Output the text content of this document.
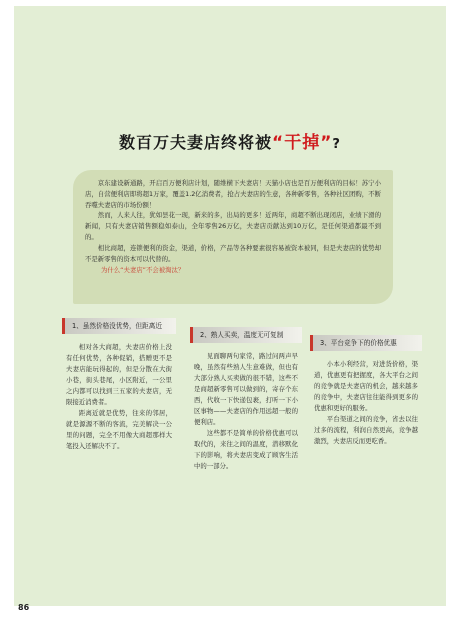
数百万夫妻店终将被“干掉”?

京东建设新通路，开启百万便利店计划，随维横下夫妻店！天猫小店也是百万便利店的目标！苏宁小店，自营便利店即将超1万家，覆盖1.2亿消费者，抢占夫妻店的生意，各种新零售，各种社区团购，不断吞噬夫妻店的市场份额！

然而，人来人往，犹如昙花一现，新来的多，出局的更多！近两年，商超不断出现闭店，业绩下滑的新闻，只有夫妻店销售额稳如泰山，全年零售26万亿，夫妻店贡献达到10万亿，是任何渠道都最不到的。

相比商超，连锁便利的资金，渠道，价格，产品等各种要素很容易被资本被同，但是夫妻店的优势却不是新零售的资本可以代替的。

为什么“夫妻店”不会被淘汰？
1、虽然价格没优势，但距离近

相对各大商超，夫妻店价格上没有任何优势，各种促销，搭赠更不是夫妻店能玩得起的，但是分散在大街小巷，街头巷尾，小区附近，一公里之内都可以找到三五家的夫妻店，无限接近消费者。

距离近就是优势，往来的邻居，就是源源不断的客流，完美解决一公里的问题，完全不用像大商超那样大笔投入还解决不了。

2、熟人买卖，温度无可复制

见面聊两句家常，路过问两声早晚，虽然有些熟人生意难做，但也有大部分熟人买卖做的很不错，这些不是商超新零售可以做到的，寄存个东西，代收一下快递包裹，打听一下小区事物——夫妻店的作用远超一般的便利店。

这些都不是简单的价格优惠可以取代的，来往之间的温度，潜移默化下的影响，将夫妻店变成了顾客生活中的一部分。

3、平台竞争下的价格优惠

小本小利经营，对进货价格，渠道，优惠更有把握度，各大平台之间的竞争就是夫妻店的机会，越来越多的竞争中，夫妻店往往能得到更多的优惠和更好的服务。

平台渠道之间的竞争，省去以往过多的流程，利润自然更高，竞争越激烈，夫妻店反而更吃香。

86
